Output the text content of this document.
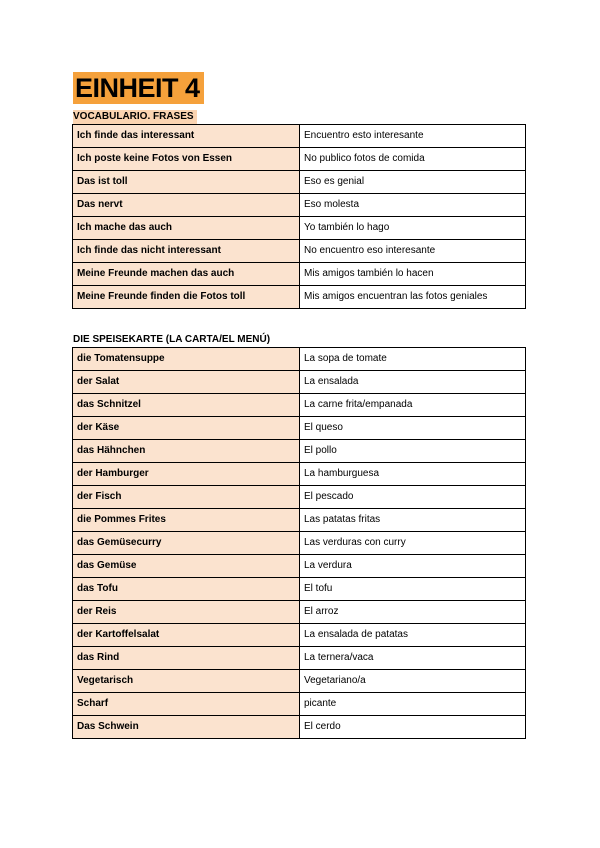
EINHEIT 4
VOCABULARIO. FRASES
Ich finde das interessant	Encuentro esto interesante
Ich poste keine Fotos von Essen	No publico fotos de comida
Das ist toll	Eso es genial
Das nervt	Eso molesta
Ich mache das auch	Yo también lo hago
Ich finde das nicht interessant	No encuentro eso interesante
Meine Freunde machen das auch	Mis amigos también lo hacen
Meine Freunde finden die Fotos toll	Mis amigos encuentran las fotos geniales
DIE SPEISEKARTE (LA CARTA/EL MENÚ)
die Tomatensuppe	La sopa de tomate
der Salat	La ensalada
das Schnitzel	La carne frita/empanada
der Käse	El queso
das Hähnchen	El pollo
der Hamburger	La hamburguesa
der Fisch	El pescado
die Pommes Frites	Las patatas fritas
das Gemüsecurry	Las verduras con curry
das Gemüse	La verdura
das Tofu	El tofu
der Reis	El arroz
der Kartoffelsalat	La ensalada de patatas
das Rind	La ternera/vaca
Vegetarisch	Vegetariano/a
Scharf	picante
Das Schwein	El cerdo
